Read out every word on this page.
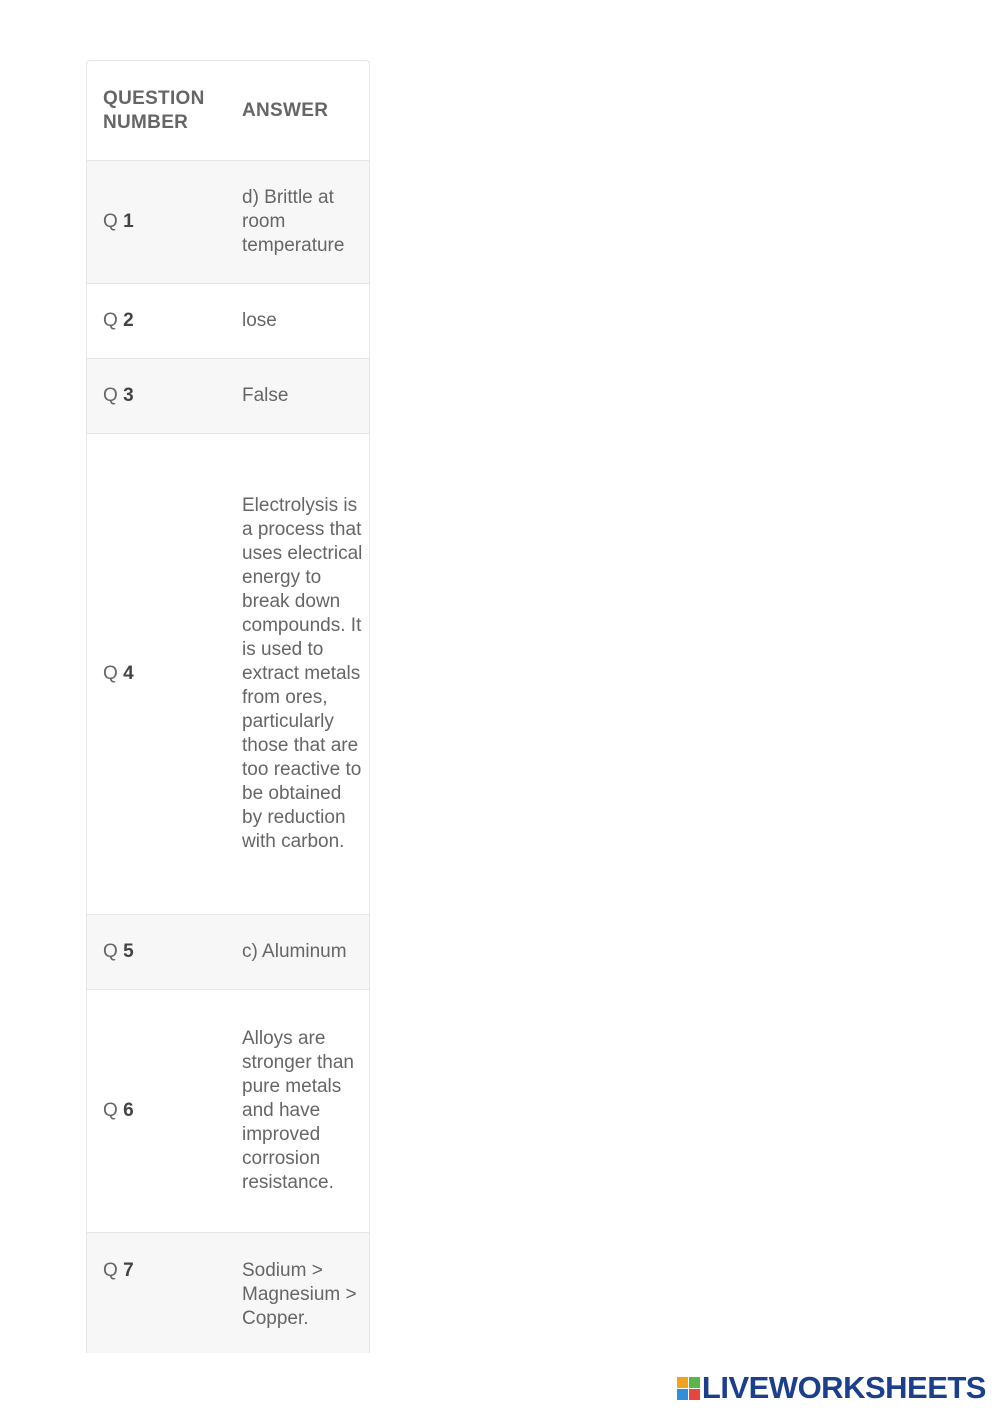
QUESTION NUMBER	ANSWER
Q 1	d) Brittle at room temperature
Q 2	lose
Q 3	False
Q 4	Electrolysis is a process that uses electrical energy to break down compounds. It is used to extract metals from ores, particularly those that are too reactive to be obtained by reduction with carbon.
Q 5	c) Aluminum
Q 6	Alloys are stronger than pure metals and have improved corrosion resistance.
Q 7	Sodium > Magnesium > Copper.
LIVEWORKSHEETS
